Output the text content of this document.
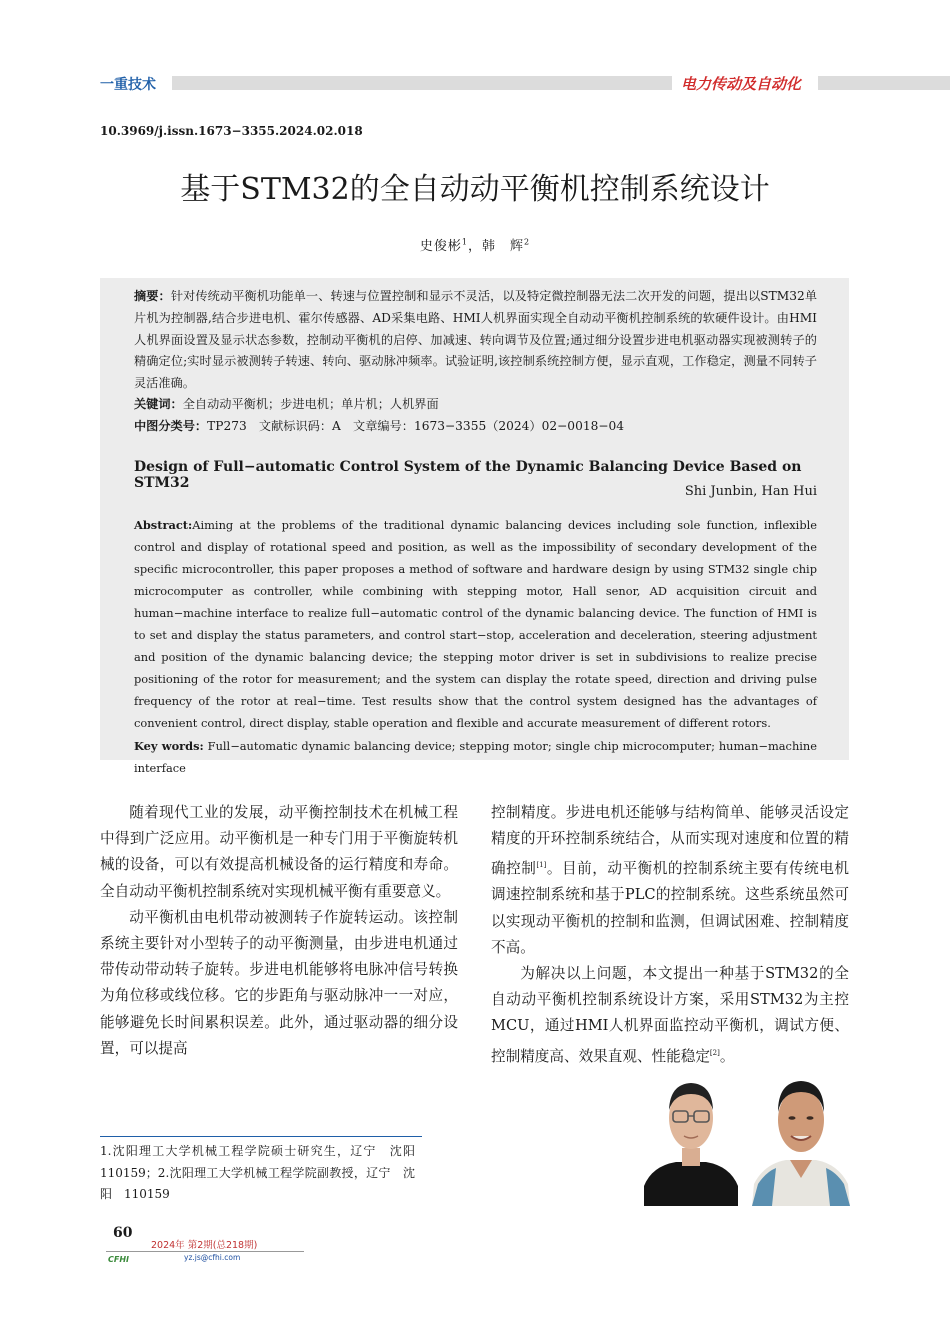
一重技术	电力传动及自动化
10.3969/j.issn.1673−3355.2024.02.018
基于STM32的全自动动平衡机控制系统设计
史俊彬$^1$，韩　辉$^2$
摘要：针对传统动平衡机功能单一、转速与位置控制和显示不灵活，以及特定微控制器无法二次开发的问题，提出以STM32单片机为控制器,结合步进电机、霍尔传感器、AD采集电路、HMI人机界面实现全自动动平衡机控制系统的软硬件设计。由HMI人机界面设置及显示状态参数，控制动平衡机的启停、加减速、转向调节及位置;通过细分设置步进电机驱动器实现被测转子的精确定位;实时显示被测转子转速、转向、驱动脉冲频率。试验证明,该控制系统控制方便，显示直观，工作稳定，测量不同转子灵活准确。
关键词：全自动动平衡机；步进电机；单片机；人机界面
中图分类号：TP273　文献标识码：A　文章编号：1673−3355（2024）02−0018−04
Design of Full−automatic Control System of the Dynamic Balancing Device Based on STM32
Shi Junbin, Han Hui
Abstract:Aiming at the problems of the traditional dynamic balancing devices including sole function, inflexible control and display of rotational speed and position, as well as the impossibility of secondary development of the specific microcontroller, this paper proposes a method of software and hardware design by using STM32 single chip microcomputer as controller, while combining with stepping motor, Hall senor, AD acquisition circuit and human−machine interface to realize full−automatic control of the dynamic balancing device. The function of HMI is to set and display the status parameters, and control start−stop, acceleration and deceleration, steering adjustment and position of the dynamic balancing device; the stepping motor driver is set in subdivisions to realize precise positioning of the rotor for measurement; and the system can display the rotate speed, direction and driving pulse frequency of the rotor at real−time. Test results show that the control system designed has the advantages of convenient control, direct display, stable operation and flexible and accurate measurement of different rotors.
Key words: Full−automatic dynamic balancing device; stepping motor; single chip microcomputer; human−machine interface

随着现代工业的发展，动平衡控制技术在机械工程中得到广泛应用。动平衡机是一种专门用于平衡旋转机械的设备，可以有效提高机械设备的运行精度和寿命。全自动动平衡机控制系统对实现机械平衡有重要意义。

动平衡机由电机带动被测转子作旋转运动。该控制系统主要针对小型转子的动平衡测量，由步进电机通过带传动带动转子旋转。步进电机能够将电脉冲信号转换为角位移或线位移。它的步距角与驱动脉冲一一对应，能够避免长时间累积误差。此外，通过驱动器的细分设置，可以提高

控制精度。步进电机还能够与结构简单、能够灵活设定精度的开环控制系统结合，从而实现对速度和位置的精确控制[1]。目前，动平衡机的控制系统主要有传统电机调速控制系统和基于PLC的控制系统。这些系统虽然可以实现动平衡机的控制和监测，但调试困难、控制精度不高。

为解决以上问题，本文提出一种基于STM32的全自动动平衡机控制系统设计方案，采用STM32为主控MCU，通过HMI人机界面监控动平衡机，调试方便、控制精度高、效果直观、性能稳定[2]。

1.沈阳理工大学机械工程学院硕士研究生，辽宁　沈阳　110159；2.沈阳理工大学机械工程学院副教授，辽宁　沈阳　110159
60
2024年 第2期(总218期)
CFHI	yz.js@cfhi.com
